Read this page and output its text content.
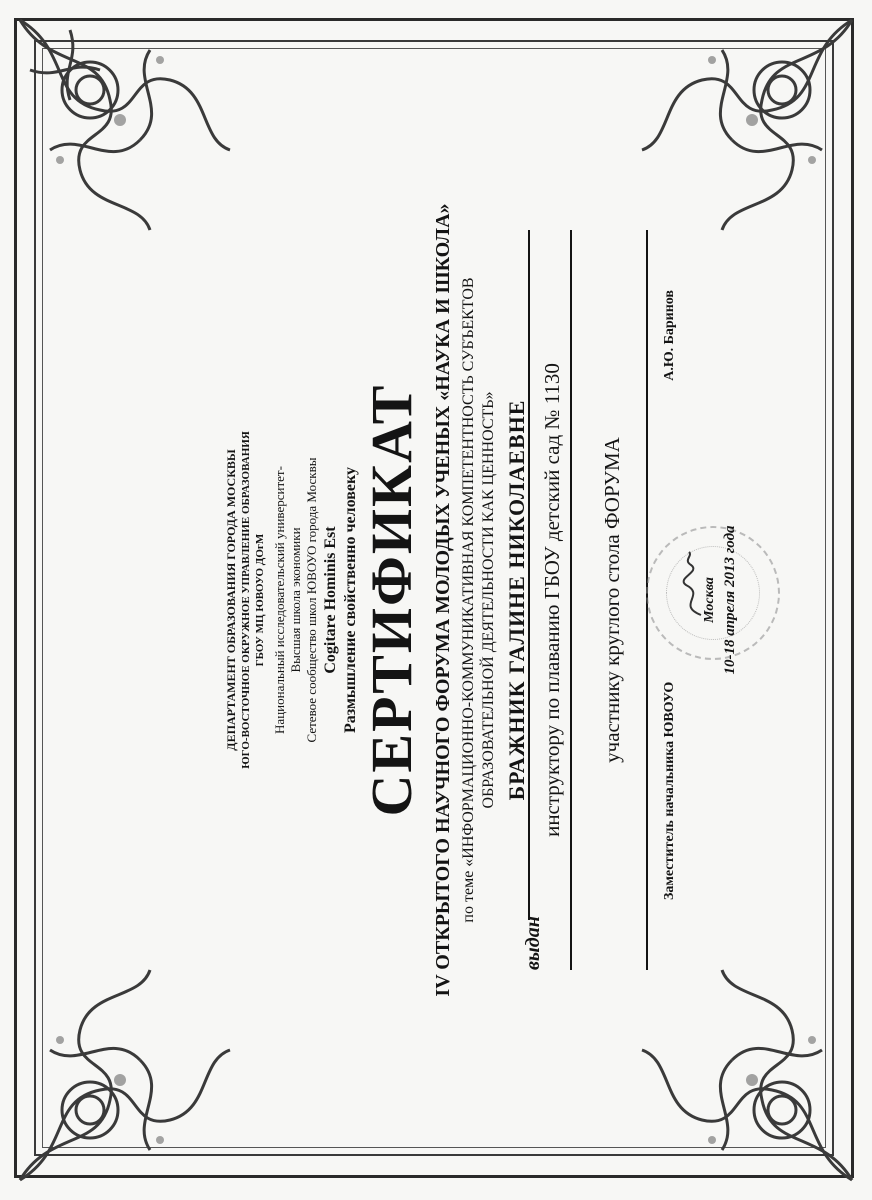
ДЕПАРТАМЕНТ ОБРАЗОВАНИЯ ГОРОДА МОСКВЫ ЮГО-ВОСТОЧНОЕ ОКРУЖНОЕ УПРАВЛЕНИЕ ОБРАЗОВАНИЯ ГБОУ МЦ ЮВОУО ДОгМ Национальный исследовательский университет- Высшая школа экономики Сетевое сообщество школ ЮВОУО города Москвы Cogitare Hominis Est Размышление свойственно человеку СЕРТИФИКАТ IV ОТКРЫТОГО НАУЧНОГО ФОРУМА МОЛОДЫХ УЧЕНЫХ «НАУКА И ШКОЛА» по теме «ИНФОРМАЦИОННО-КОММУНИКАТИВНАЯ КОМПЕТЕНТНОСТЬ СУБЪЕКТОВ ОБРАЗОВАТЕЛЬНОЙ ДЕЯТЕЛЬНОСТИ КАК ЦЕННОСТЬ» БРАЖНИК ГАЛИНЕ НИКОЛАЕВНЕ
выдан
инструктору по плаванию ГБОУ детский сад № 1130 участнику круглого стола ФОРУМА
Заместитель начальника ЮВОУО
А.Ю. Баринов
Москва 10-18 апреля 2013 года
